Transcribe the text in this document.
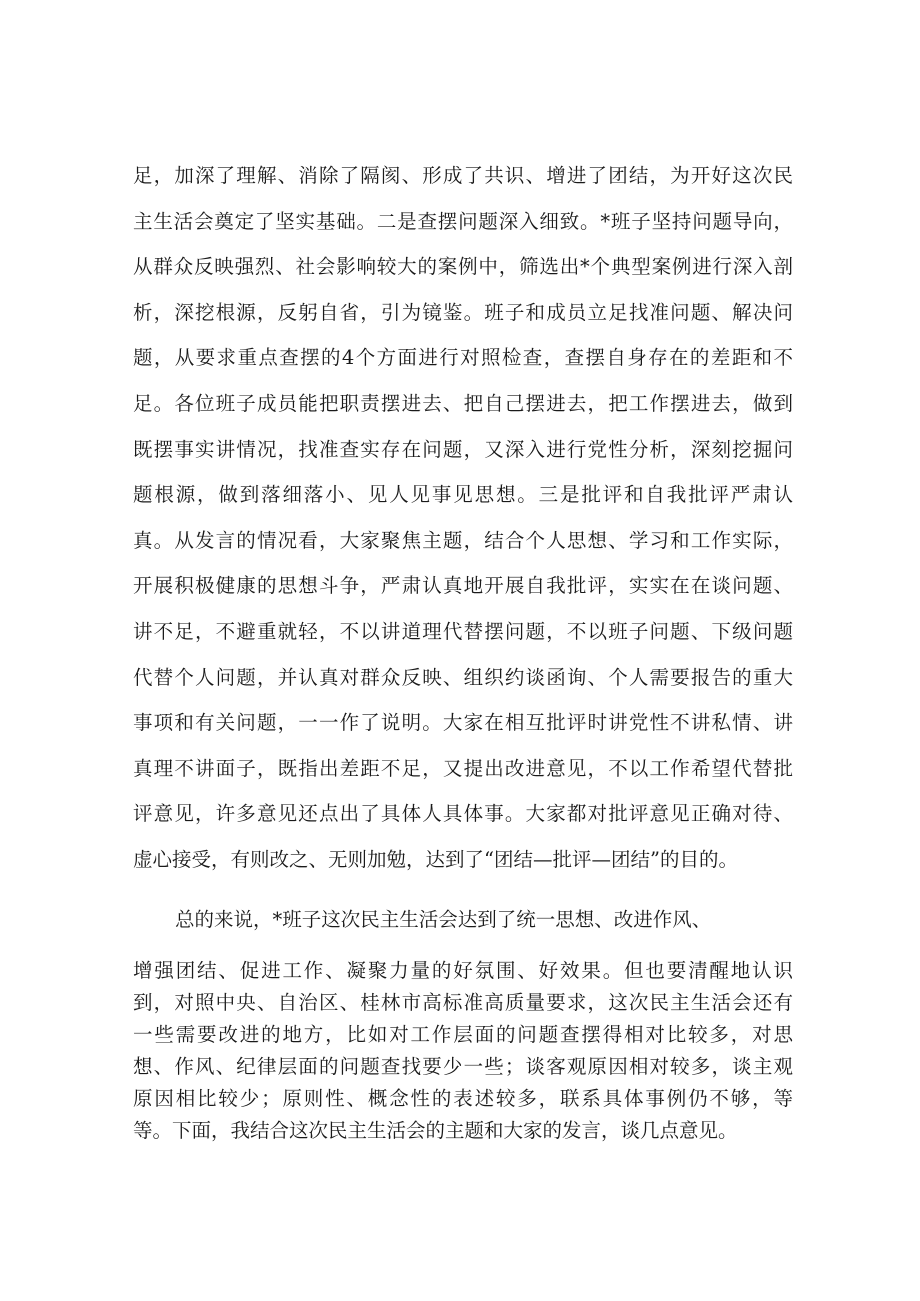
足，加深了理解、消除了隔阂、形成了共识、增进了团结，为开好这次民
主生活会奠定了坚实基础。二是查摆问题深入细致。*班子坚持问题导向，
从群众反映强烈、社会影响较大的案例中，筛选出*个典型案例进行深入剖
析，深挖根源，反躬自省，引为镜鉴。班子和成员立足找准问题、解决问
题，从要求重点查摆的4个方面进行对照检查，查摆自身存在的差距和不
足。各位班子成员能把职责摆进去、把自己摆进去，把工作摆进去，做到
既摆事实讲情况，找准查实存在问题，又深入进行党性分析，深刻挖掘问
题根源，做到落细落小、见人见事见思想。三是批评和自我批评严肃认
真。从发言的情况看，大家聚焦主题，结合个人思想、学习和工作实际，
开展积极健康的思想斗争，严肃认真地开展自我批评，实实在在谈问题、
讲不足，不避重就轻，不以讲道理代替摆问题，不以班子问题、下级问题
代替个人问题，并认真对群众反映、组织约谈函询、个人需要报告的重大
事项和有关问题，一一作了说明。大家在相互批评时讲党性不讲私情、讲
真理不讲面子，既指出差距不足，又提出改进意见，不以工作希望代替批
评意见，许多意见还点出了具体人具体事。大家都对批评意见正确对待、
虚心接受，有则改之、无则加勉，达到了“团结—批评—团结”的目的。

总的来说，*班子这次民主生活会达到了统一思想、改进作风、

增强团结、促进工作、凝聚力量的好氛围、好效果。但也要清醒地认识
到，对照中央、自治区、桂林市高标准高质量要求，这次民主生活会还有
一些需要改进的地方，比如对工作层面的问题查摆得相对比较多，对思
想、作风、纪律层面的问题查找要少一些；谈客观原因相对较多，谈主观
原因相比较少；原则性、概念性的表述较多，联系具体事例仍不够，等
等。下面，我结合这次民主生活会的主题和大家的发言，谈几点意见。
